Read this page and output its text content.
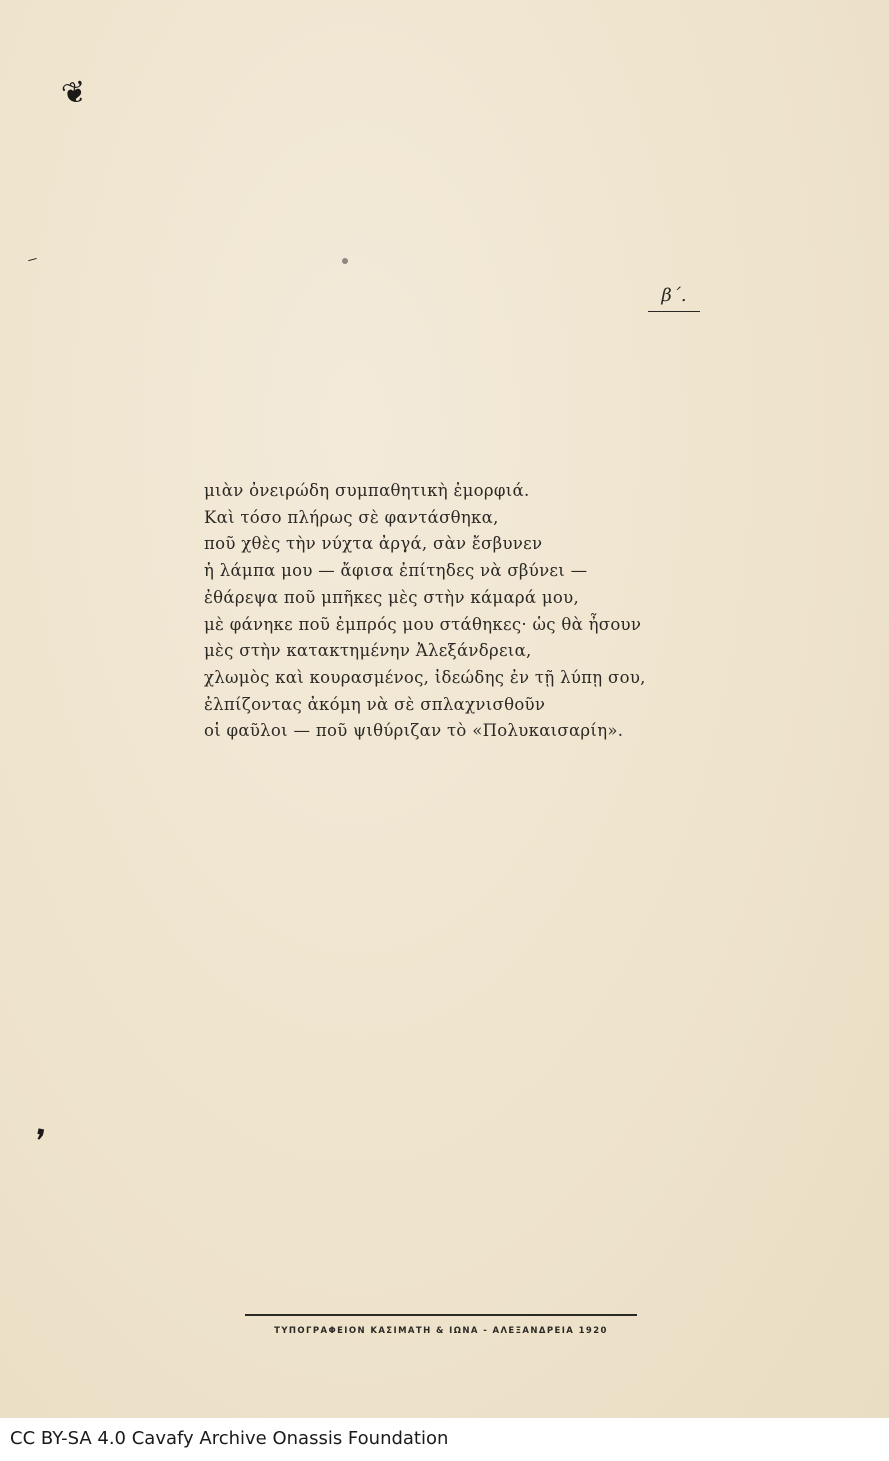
❦
⸝
❜
β΄.
μιὰν ὀνειρώδη συμπαθητικὴ ἐμορφιά.
Καὶ τόσο πλήρως σὲ φαντάσθηκα,
ποῦ χθὲς τὴν νύχτα ἀργά, σὰν ἔσβυνεν
ἡ λάμπα μου — ἄφισα ἐπίτηδες νὰ σβύνει —
ἐθάρεψα ποῦ μπῆκες μὲς στὴν κάμαρά μου,
μὲ φάνηκε ποῦ ἐμπρός μου στάθηκες· ὡς θὰ ἦσουν
μὲς στὴν κατακτημένην Ἀλεξάνδρεια,
χλωμὸς καὶ κουρασμένος, ἰδεώδης ἐν τῇ λύπῃ σου,
ἐλπίζοντας ἀκόμη νὰ σὲ σπλαχνισθοῦν
οἱ φαῦλοι — ποῦ ψιθύριζαν τὸ «Πολυκαισαρίη».
ΤΥΠΟΓΡΑΦΕΙΟΝ ΚΑΣΙΜΑΤΗ & ΙΩΝΑ - ΑΛΕΞΑΝΔΡΕΙΑ 1920
CC BY-SA 4.0 Cavafy Archive Onassis Foundation
